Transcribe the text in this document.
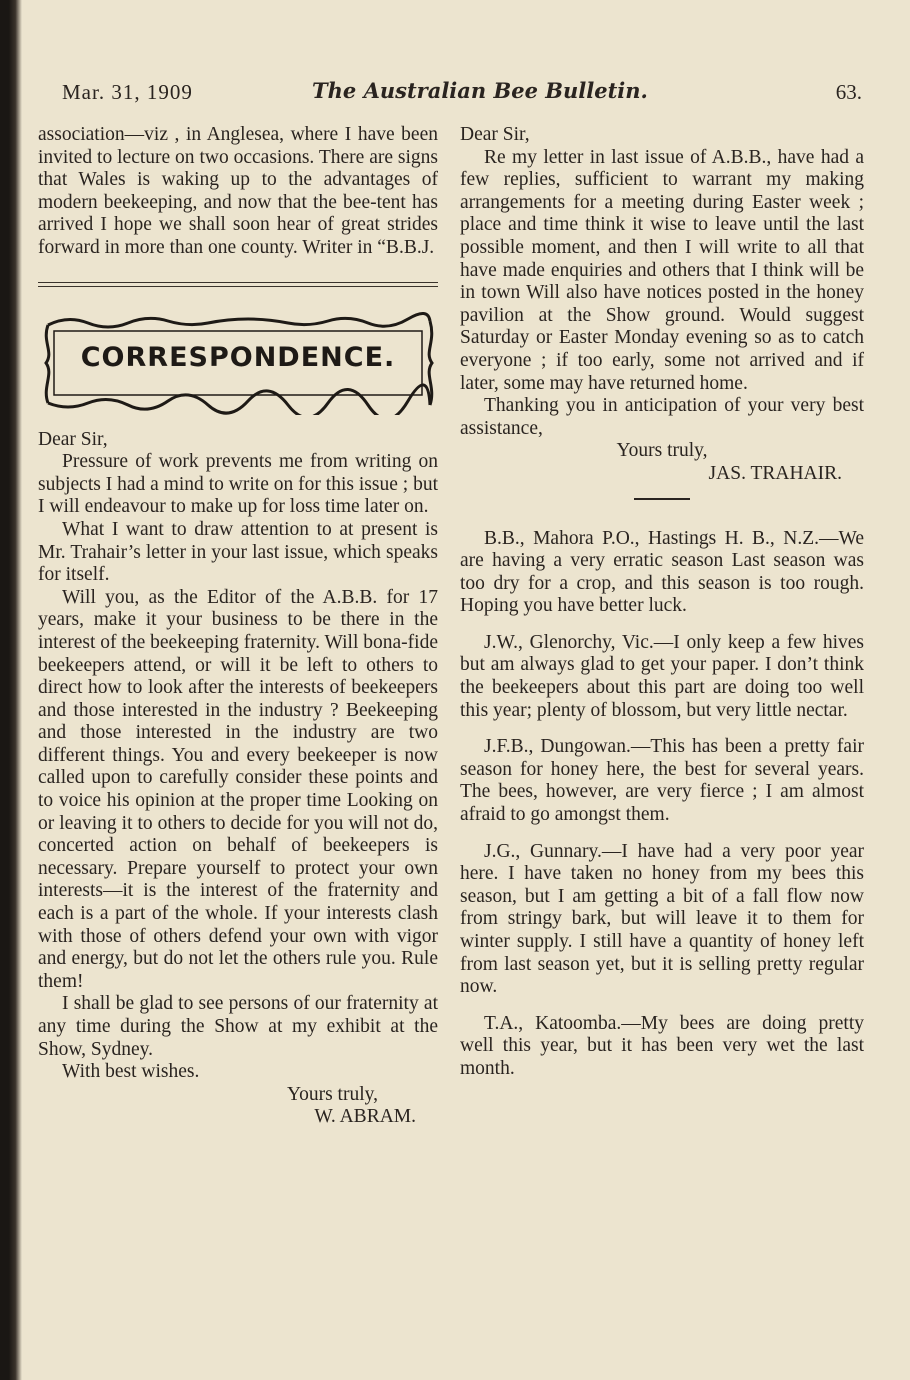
Mar. 31, 1909	The Australian Bee Bulletin.	63.

association—viz , in Anglesea, where I have been invited to lecture on two occasions. There are signs that Wales is waking up to the advantages of modern beekeeping, and now that the bee-tent has arrived I hope we shall soon hear of great strides forward in more than one county. Writer in “B.B.J.

CORRESPONDENCE.

Dear Sir,

Pressure of work prevents me from writing on subjects I had a mind to write on for this issue ; but I will endeavour to make up for loss time later on.

What I want to draw attention to at present is Mr. Trahair’s letter in your last issue, which speaks for itself.

Will you, as the Editor of the A.B.B. for 17 years, make it your business to be there in the interest of the beekeeping fraternity. Will bona-fide beekeepers attend, or will it be left to others to direct how to look after the interests of beekeepers and those interested in the industry ? Beekeeping and those interested in the industry are two different things. You and every beekeeper is now called upon to carefully consider these points and to voice his opinion at the proper time Looking on or leaving it to others to decide for you will not do, concerted action on behalf of beekeepers is necessary. Prepare yourself to protect your own interests—it is the interest of the fraternity and each is a part of the whole. If your interests clash with those of others defend your own with vigor and energy, but do not let the others rule you. Rule them!

I shall be glad to see persons of our fraternity at any time during the Show at my exhibit at the Show, Sydney.

With best wishes.

Yours truly,

W. ABRAM.

Dear Sir,

Re my letter in last issue of A.B.B., have had a few replies, sufficient to warrant my making arrangements for a meeting during Easter week ; place and time think it wise to leave until the last possible moment, and then I will write to all that have made enquiries and others that I think will be in town Will also have notices posted in the honey pavilion at the Show ground. Would suggest Saturday or Easter Monday evening so as to catch everyone ; if too early, some not arrived and if later, some may have returned home.

Thanking you in anticipation of your very best assistance,

Yours truly,

JAS. TRAHAIR.

B.B., Mahora P.O., Hastings H. B., N.Z.—We are having a very erratic season Last season was too dry for a crop, and this season is too rough. Hoping you have better luck.

J.W., Glenorchy, Vic.—I only keep a few hives but am always glad to get your paper. I don’t think the beekeepers about this part are doing too well this year; plenty of blossom, but very little nectar.

J.F.B., Dungowan.—This has been a pretty fair season for honey here, the best for several years. The bees, however, are very fierce ; I am almost afraid to go amongst them.

J.G., Gunnary.—I have had a very poor year here. I have taken no honey from my bees this season, but I am getting a bit of a fall flow now from stringy bark, but will leave it to them for winter supply. I still have a quantity of honey left from last season yet, but it is selling pretty regular now.

T.A., Katoomba.—My bees are doing pretty well this year, but it has been very wet the last month.
